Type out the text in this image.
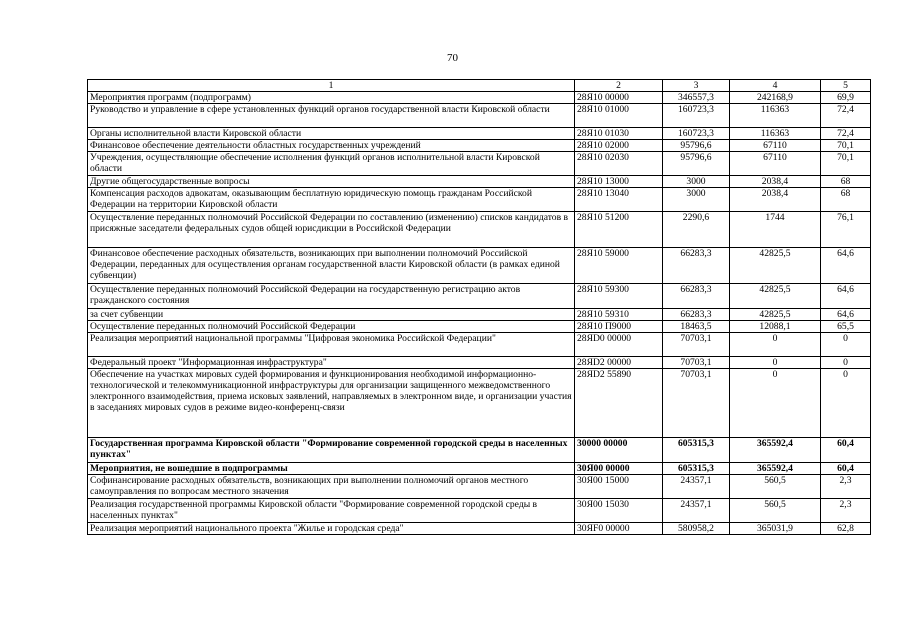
70
1	2	3	4	5
Мероприятия программ (подпрограмм)	28Я10 00000	346557,3	242168,9	69,9
Руководство и управление в сфере установленных функций органов государственной власти Кировской области	28Я10 01000	160723,3	116363	72,4
Органы исполнительной власти Кировской области	28Я10 01030	160723,3	116363	72,4
Финансовое обеспечение деятельности областных государственных учреждений	28Я10 02000	95796,6	67110	70,1
Учреждения, осуществляющие обеспечение исполнения функций органов исполнительной власти Кировской области	28Я10 02030	95796,6	67110	70,1
Другие общегосударственные вопросы	28Я10 13000	3000	2038,4	68
Компенсация расходов адвокатам, оказывающим бесплатную юридическую помощь гражданам Российской Федерации на территории Кировской области	28Я10 13040	3000	2038,4	68
Осуществление переданных полномочий Российской Федерации по составлению (изменению) списков кандидатов в присяжные заседатели федеральных судов общей юрисдикции в Российской Федерации	28Я10 51200	2290,6	1744	76,1
Финансовое обеспечение расходных обязательств, возникающих при выполнении полномочий Российской Федерации, переданных для осуществления органам государственной власти Кировской области (в рамках единой субвенции)	28Я10 59000	66283,3	42825,5	64,6
Осуществление переданных полномочий Российской Федерации на государственную регистрацию актов гражданского состояния	28Я10 59300	66283,3	42825,5	64,6
за счет субвенции	28Я10 59310	66283,3	42825,5	64,6
Осуществление переданных полномочий Российской Федерации	28Я10 П9000	18463,5	12088,1	65,5
Реализация мероприятий национальной программы "Цифровая экономика Российской Федерации"	28ЯD0 00000	70703,1	0	0
Федеральный проект "Информационная инфраструктура"	28ЯD2 00000	70703,1	0	0
Обеспечение на участках мировых судей формирования и функционирования необходимой информационно-технологической и телекоммуникационной инфраструктуры для организации защищенного межведомственного электронного взаимодействия, приема исковых заявлений, направляемых в электронном виде, и организации участия в заседаниях мировых судов в режиме видео-конференц-связи	28ЯD2 55890	70703,1	0	0
Государственная программа Кировской области "Формирование современной городской среды в населенных пунктах"	30000 00000	605315,3	365592,4	60,4
Мероприятия, не вошедшие в подпрограммы	30Я00 00000	605315,3	365592,4	60,4
Софинансирование расходных обязательств, возникающих при выполнении полномочий органов местного самоуправления по вопросам местного значения	30Я00 15000	24357,1	560,5	2,3
Реализация государственной программы Кировской области "Формирование современной городской среды в населенных пунктах"	30Я00 15030	24357,1	560,5	2,3
Реализация мероприятий национального проекта "Жилье и городская среда"	30ЯF0 00000	580958,2	365031,9	62,8
